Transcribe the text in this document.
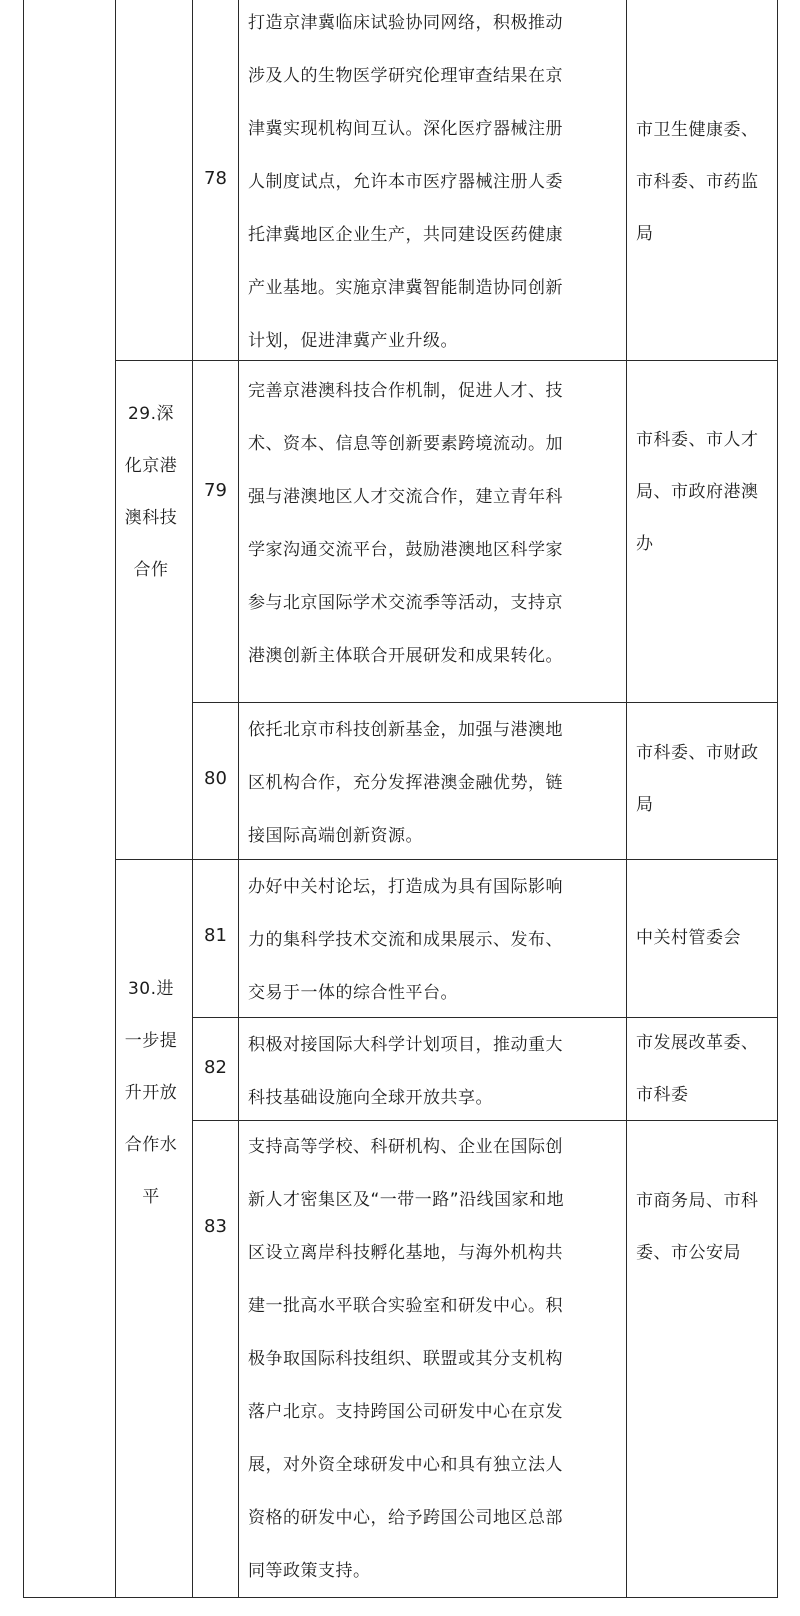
打造京津冀临床试验协同网络，积极推动
涉及人的生物医学研究伦理审查结果在京
津冀实现机构间互认。深化医疗器械注册
人制度试点，允许本市医疗器械注册人委
托津冀地区企业生产，共同建设医药健康
产业基地。实施京津冀智能制造协同创新
计划，促进津冀产业升级。
78
市卫生健康委、
市科委、市药监
局
29.深
化京港
澳科技
合作
完善京港澳科技合作机制，促进人才、技
术、资本、信息等创新要素跨境流动。加
强与港澳地区人才交流合作，建立青年科
学家沟通交流平台，鼓励港澳地区科学家
参与北京国际学术交流季等活动，支持京
港澳创新主体联合开展研发和成果转化。
79
市科委、市人才
局、市政府港澳
办
依托北京市科技创新基金，加强与港澳地
区机构合作，充分发挥港澳金融优势，链
接国际高端创新资源。
80
市科委、市财政
局
30.进
一步提
升开放
合作水
平
办好中关村论坛，打造成为具有国际影响
力的集科学技术交流和成果展示、发布、
交易于一体的综合性平台。
81	中关村管委会
积极对接国际大科学计划项目，推动重大
科技基础设施向全球开放共享。
82
市发展改革委、
市科委
支持高等学校、科研机构、企业在国际创
新人才密集区及“一带一路”沿线国家和地
区设立离岸科技孵化基地，与海外机构共
建一批高水平联合实验室和研发中心。积
极争取国际科技组织、联盟或其分支机构
落户北京。支持跨国公司研发中心在京发
展，对外资全球研发中心和具有独立法人
资格的研发中心，给予跨国公司地区总部
同等政策支持。
83
市商务局、市科
委、市公安局
